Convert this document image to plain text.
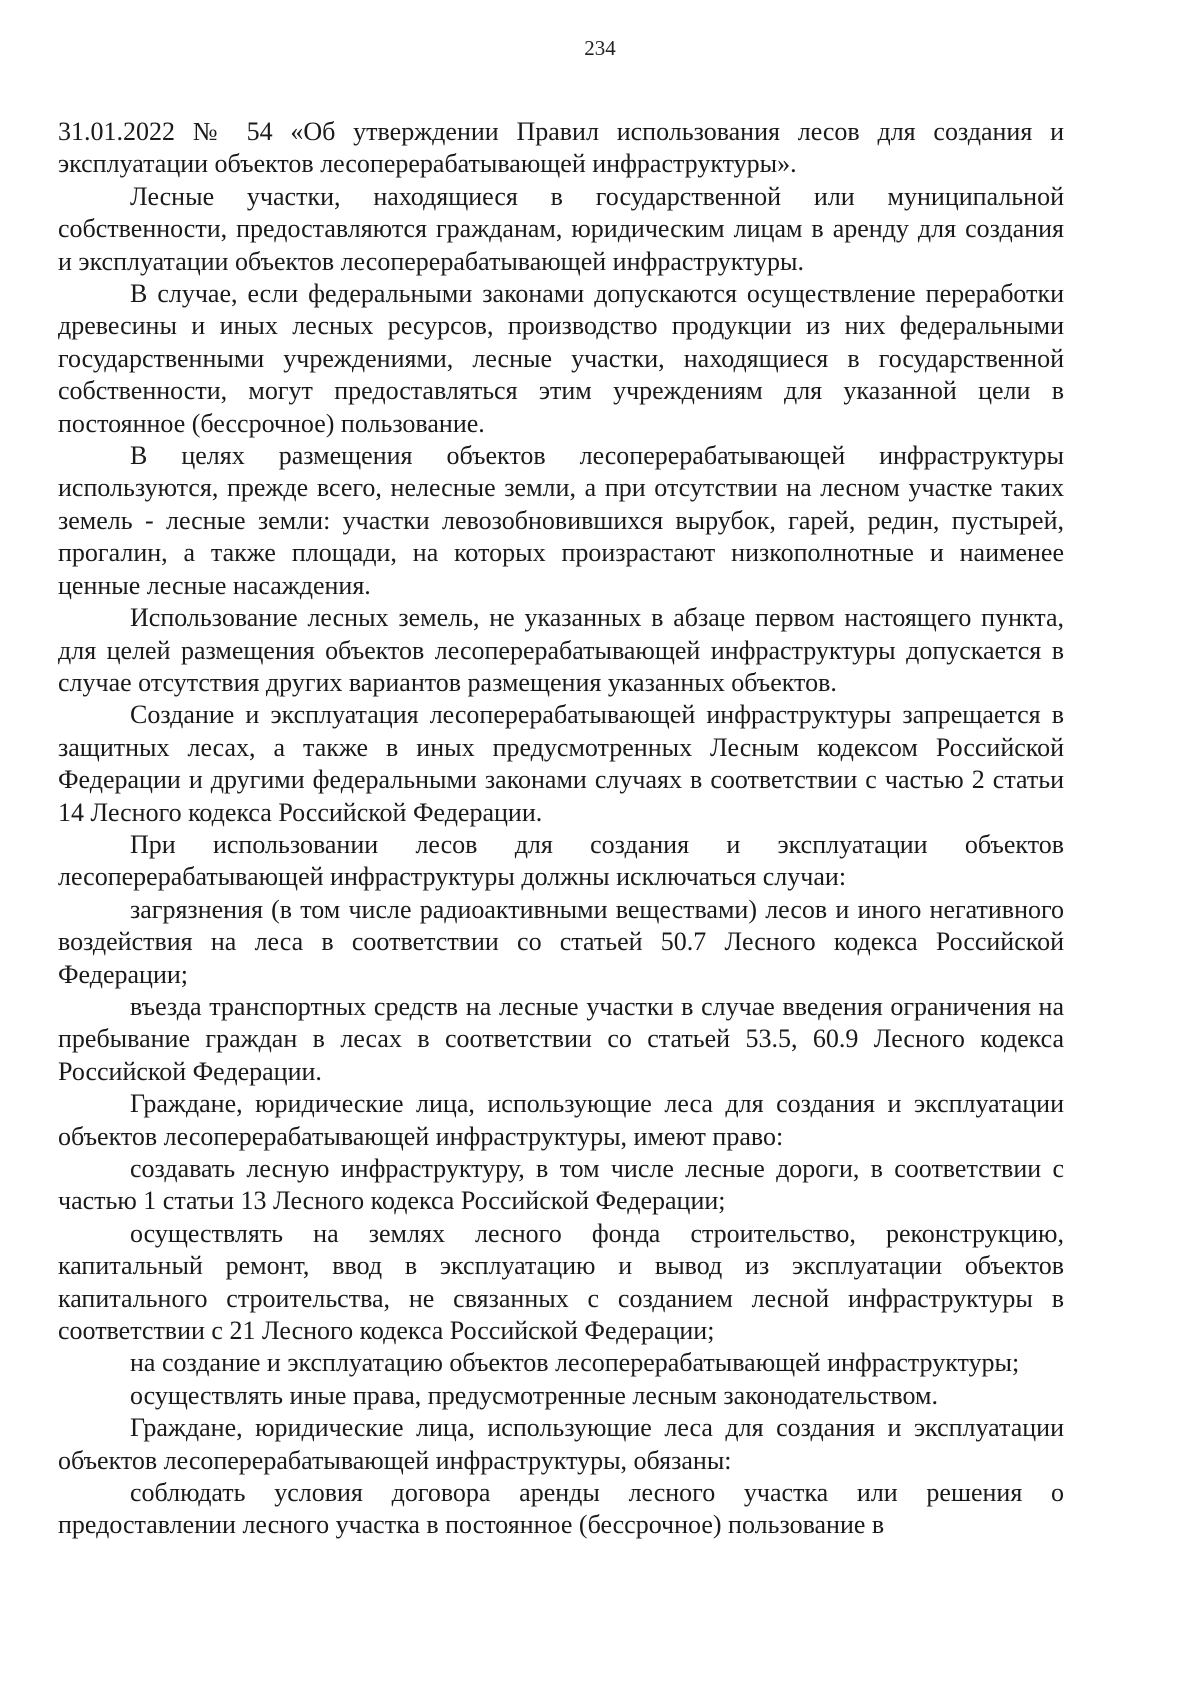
234

31.01.2022 № 54 «Об утверждении Правил использования лесов для создания и эксплуатации объектов лесоперерабатывающей инфраструктуры».

Лесные участки, находящиеся в государственной или муниципальной собственности, предоставляются гражданам, юридическим лицам в аренду для создания и эксплуатации объектов лесоперерабатывающей инфраструктуры.

В случае, если федеральными законами допускаются осуществление переработки древесины и иных лесных ресурсов, производство продукции из них федеральными государственными учреждениями, лесные участки, находящиеся в государственной собственности, могут предоставляться этим учреждениям для указанной цели в постоянное (бессрочное) пользование.

В целях размещения объектов лесоперерабатывающей инфраструктуры используются, прежде всего, нелесные земли, а при отсутствии на лесном участке таких земель - лесные земли: участки левозобновившихся вырубок, гарей, редин, пустырей, прогалин, а также площади, на которых произрастают низкополнотные и наименее ценные лесные насаждения.

Использование лесных земель, не указанных в абзаце первом настоящего пункта, для целей размещения объектов лесоперерабатывающей инфраструктуры допускается в случае отсутствия других вариантов размещения указанных объектов.

Создание и эксплуатация лесоперерабатывающей инфраструктуры запрещается в защитных лесах, а также в иных предусмотренных Лесным кодексом Российской Федерации и другими федеральными законами случаях в соответствии с частью 2 статьи 14 Лесного кодекса Российской Федерации.

При использовании лесов для создания и эксплуатации объектов лесоперерабатывающей инфраструктуры должны исключаться случаи:

загрязнения (в том числе радиоактивными веществами) лесов и иного негативного воздействия на леса в соответствии со статьей 50.7 Лесного кодекса Российской Федерации;

въезда транспортных средств на лесные участки в случае введения ограничения на пребывание граждан в лесах в соответствии со статьей 53.5, 60.9 Лесного кодекса Российской Федерации.

Граждане, юридические лица, использующие леса для создания и эксплуатации объектов лесоперерабатывающей инфраструктуры, имеют право:

создавать лесную инфраструктуру, в том числе лесные дороги, в соответствии с частью 1 статьи 13 Лесного кодекса Российской Федерации;

осуществлять на землях лесного фонда строительство, реконструкцию, капитальный ремонт, ввод в эксплуатацию и вывод из эксплуатации объектов капитального строительства, не связанных с созданием лесной инфраструктуры в соответствии с 21 Лесного кодекса Российской Федерации;

на создание и эксплуатацию объектов лесоперерабатывающей инфраструктуры;

осуществлять иные права, предусмотренные лесным законодательством.

Граждане, юридические лица, использующие леса для создания и эксплуатации объектов лесоперерабатывающей инфраструктуры, обязаны:

соблюдать условия договора аренды лесного участка или решения о предоставлении лесного участка в постоянное (бессрочное) пользование в
